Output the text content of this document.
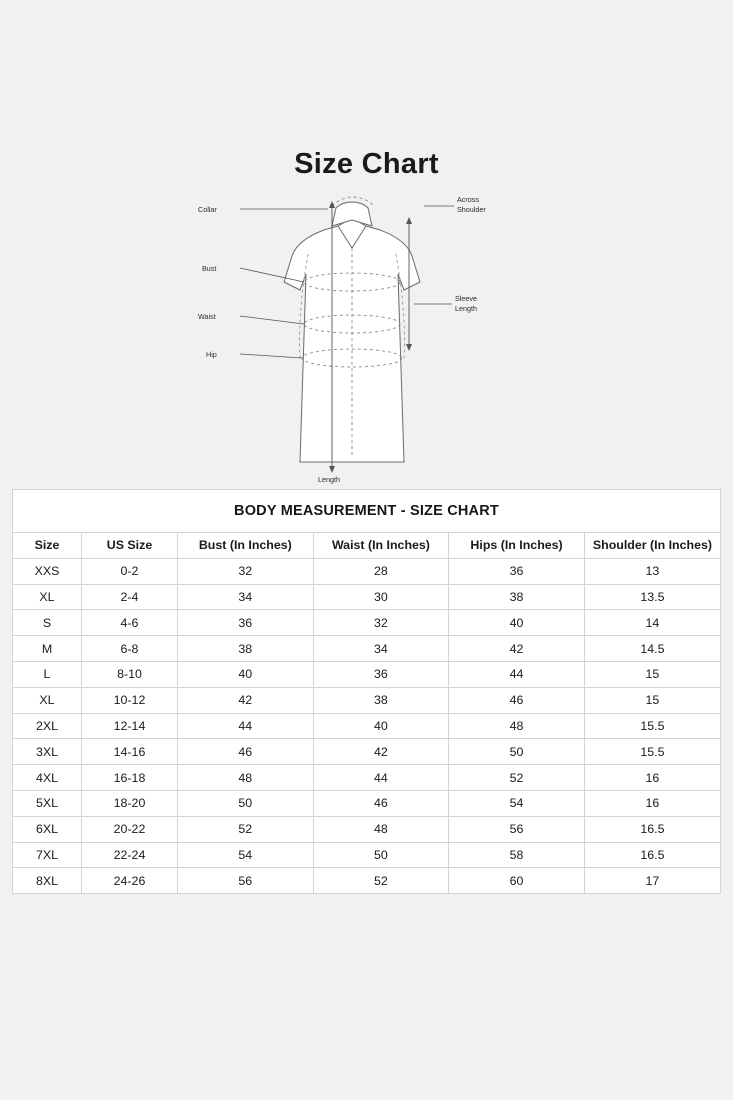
Size Chart
Collar
Across
Shoulder
Bust
Waist
Hip
Sleeve
Length
Length
BODY MEASUREMENT - SIZE CHART
Size	US Size	Bust (In Inches)	Waist (In Inches)	Hips (In Inches)	Shoulder (In Inches)
XXS	0-2	32	28	36	13
XL	2-4	34	30	38	13.5
S	4-6	36	32	40	14
M	6-8	38	34	42	14.5
L	8-10	40	36	44	15
XL	10-12	42	38	46	15
2XL	12-14	44	40	48	15.5
3XL	14-16	46	42	50	15.5
4XL	16-18	48	44	52	16
5XL	18-20	50	46	54	16
6XL	20-22	52	48	56	16.5
7XL	22-24	54	50	58	16.5
8XL	24-26	56	52	60	17
